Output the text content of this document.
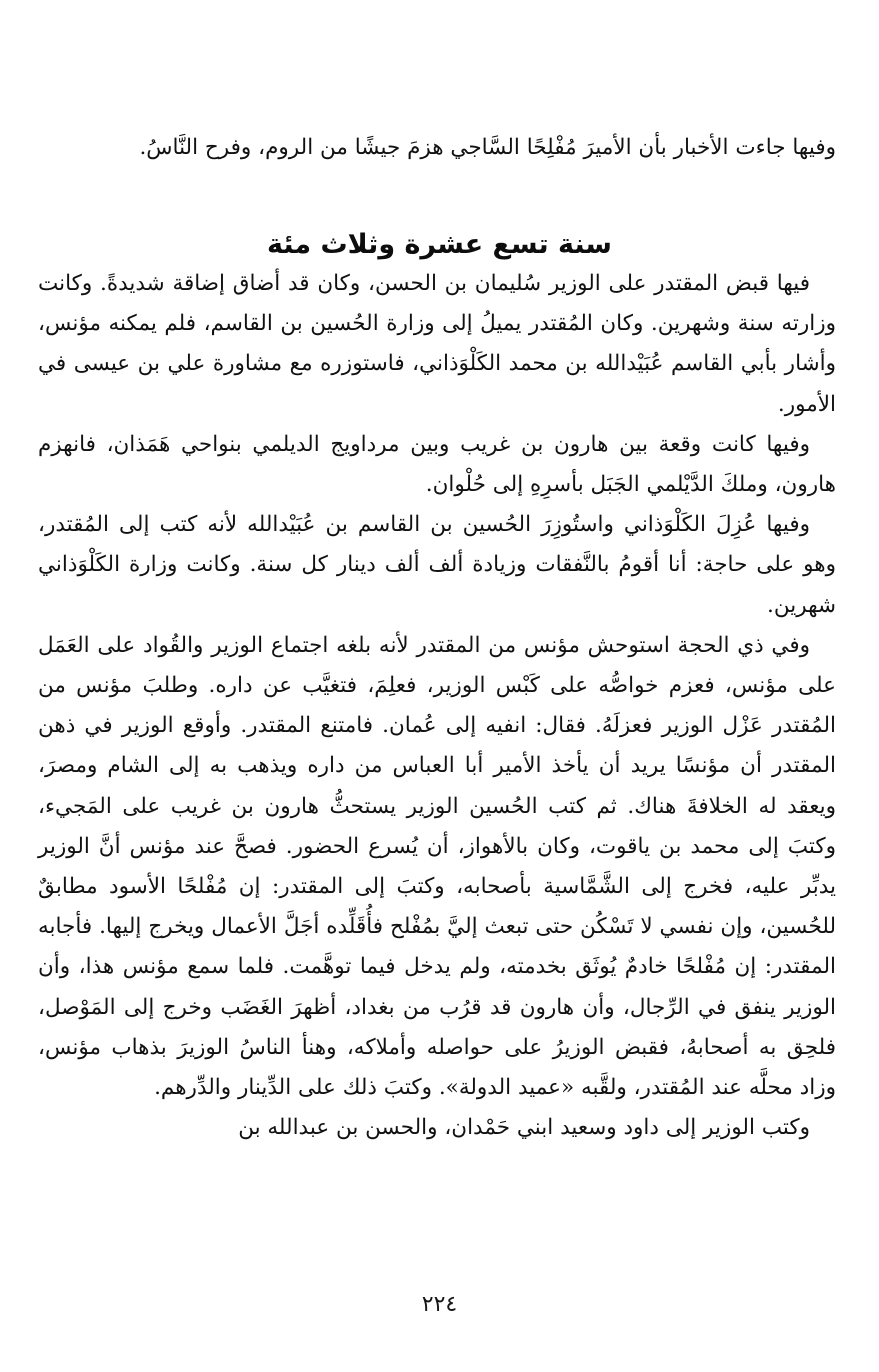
وفيها جاءت الأخبار بأن الأميرَ مُفْلِحًا السَّاجي هزمَ جيشًا من الروم، وفرح النَّاسُ.

سنة تسع عشرة وثلاث مئة

فيها قبض المقتدر على الوزير سُليمان بن الحسن، وكان قد أضاق إضاقة شديدةً. وكانت وزارته سنة وشهرين. وكان المُقتدر يميلُ إلى وزارة الحُسين بن القاسم، فلم يمكنه مؤنس، وأشار بأبي القاسم عُبَيْدالله بن محمد الكَلْوَذاني، فاستوزره مع مشاورة علي بن عيسى في الأمور.

وفيها كانت وقعة بين هارون بن غريب وبين مرداويج الديلمي بنواحي هَمَذان، فانهزم هارون، وملكَ الدَّيْلمي الجَبَل بأسرِهِ إلى حُلْوان.

وفيها عُزِلَ الكَلْوَذاني واستُوزِرَ الحُسين بن القاسم بن عُبَيْدالله لأنه كتب إلى المُقتدر، وهو على حاجة: أنا أقومُ بالنَّفقات وزيادة ألف ألف دينار كل سنة. وكانت وزارة الكَلْوَذاني شهرين.

وفي ذي الحجة استوحش مؤنس من المقتدر لأنه بلغه اجتماع الوزير والقُواد على العَمَل على مؤنس، فعزم خواصُّه على كَبْس الوزير، فعلِمَ، فتغيَّب عن داره. وطلبَ مؤنس من المُقتدر عَزْل الوزير فعزلَهُ. فقال: انفيه إلى عُمان. فامتنع المقتدر. وأوقع الوزير في ذهن المقتدر أن مؤنسًا يريد أن يأخذ الأمير أبا العباس من داره ويذهب به إلى الشام ومصرَ، ويعقد له الخلافةَ هناك. ثم كتب الحُسين الوزير يستحثُّ هارون بن غريب على المَجيء، وكتبَ إلى محمد بن ياقوت، وكان بالأهواز، أن يُسرع الحضور. فصحَّ عند مؤنس أنَّ الوزير يدبِّر عليه، فخرج إلى الشَّمَّاسية بأصحابه، وكتبَ إلى المقتدر: إن مُفْلحًا الأسود مطابقٌ للحُسين، وإن نفسي لا تَسْكُن حتى تبعث إليَّ بمُفْلح فأُقَلِّده أجَلَّ الأعمال ويخرج إليها. فأجابه المقتدر: إن مُفْلحًا خادمٌ يُوثَق بخدمته، ولم يدخل فيما توهَّمت. فلما سمع مؤنس هذا، وأن الوزير ينفق في الرِّجال، وأن هارون قد قرُب من بغداد، أظهرَ الغَضَب وخرج إلى المَوْصل، فلحِق به أصحابهُ، فقبض الوزيرُ على حواصله وأملاكه، وهنأ الناسُ الوزيرَ بذهاب مؤنس، وزاد محلَّه عند المُقتدر، ولقَّبه «عميد الدولة». وكتبَ ذلك على الدِّينار والدِّرهم.

وكتب الوزير إلى داود وسعيد ابني حَمْدان، والحسن بن عبدالله بن

٢٢٤
